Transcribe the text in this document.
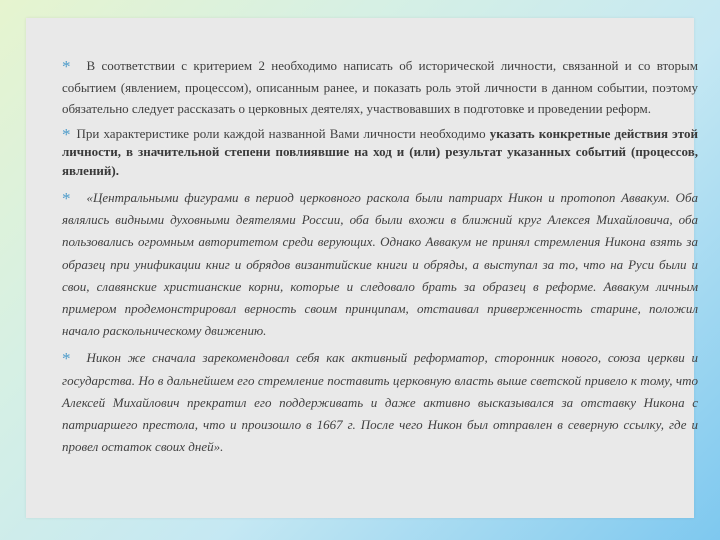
* В соответствии с критерием 2 необходимо написать об исторической личности, связанной и со вторым событием (явлением, процессом), описанным ранее, и показать роль этой личности в данном событии, поэтому обязательно следует рассказать о церковных деятелях, участвовавших в подготовке и проведении реформ.

* При характеристике роли каждой названной Вами личности необходимо указать конкретные действия этой личности, в значительной степени повлиявшие на ход и (или) результат указанных событий (процессов, явлений).

* «Центральными фигурами в период церковного раскола были патриарх Никон и протопоп Аввакум. Оба являлись видными духовными деятелями России, оба были вхожи в ближний круг Алексея Михайловича, оба пользовались огромным авторитетом среди верующих. Однако Аввакум не принял стремления Никона взять за образец при унификации книг и обрядов византийские книги и обряды, а выступал за то, что на Руси были и свои, славянские христианские корни, которые и следовало брать за образец в реформе. Аввакум личным примером продемонстрировал верность своим принципам, отстаивал приверженность старине, положил начало раскольническому движению.

* Никон же сначала зарекомендовал себя как активный реформатор, сторонник нового, союза церкви и государства. Но в дальнейшем его стремление поставить церковную власть выше светской привело к тому, что Алексей Михайлович прекратил его поддерживать и даже активно высказывался за отставку Никона с патриаршего престола, что и произошло в 1667 г. После чего Никон был отправлен в северную ссылку, где и провел остаток своих дней».
